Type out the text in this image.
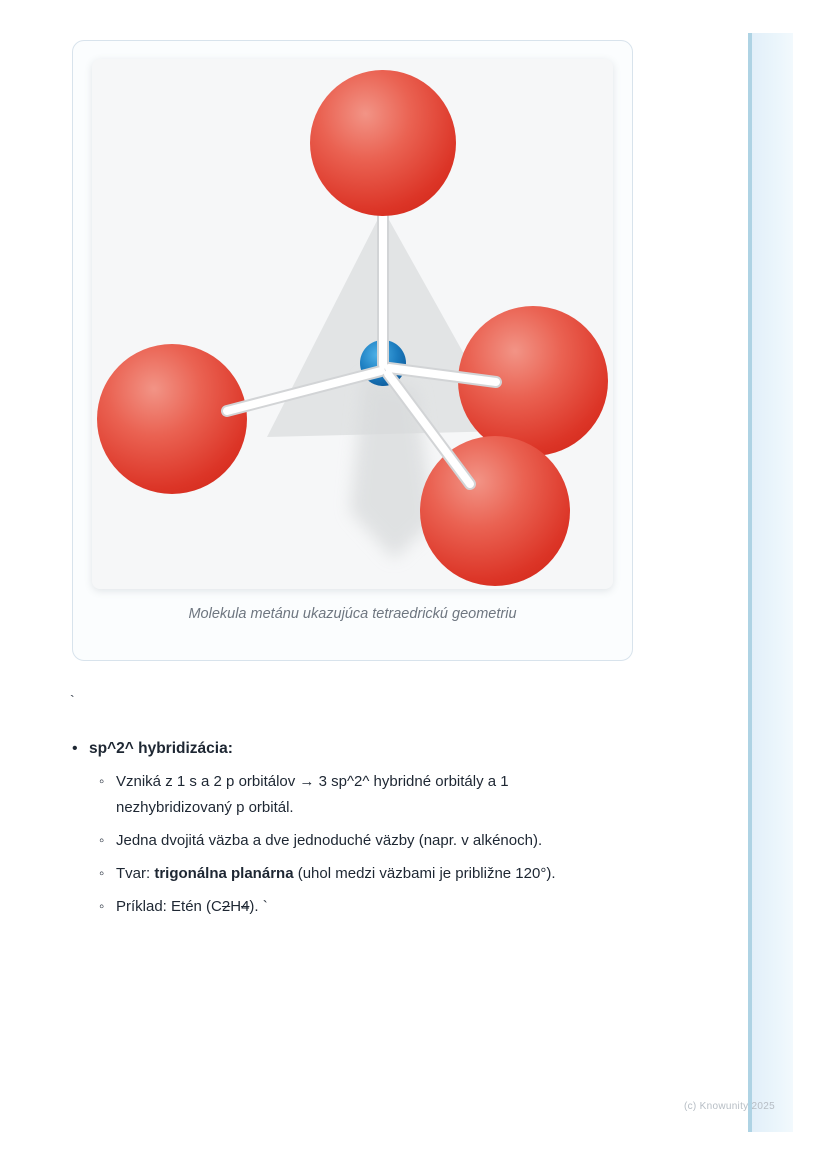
Molekula metánu ukazujúca tetraedrickú geometriu
`
• sp^2^ hybridizácia:
◦ Vzniká z 1 s a 2 p orbitálov → 3 sp^2^ hybridné orbitály a 1 nezhybridizovaný p orbitál.
◦ Jedna dvojitá väzba a dve jednoduché väzby (napr. v alkénoch).
◦ Tvar: trigonálna planárna (uhol medzi väzbami je približne 120°).
◦ Príklad: Etén (C2H4). `
(c) Knowunity 2025
